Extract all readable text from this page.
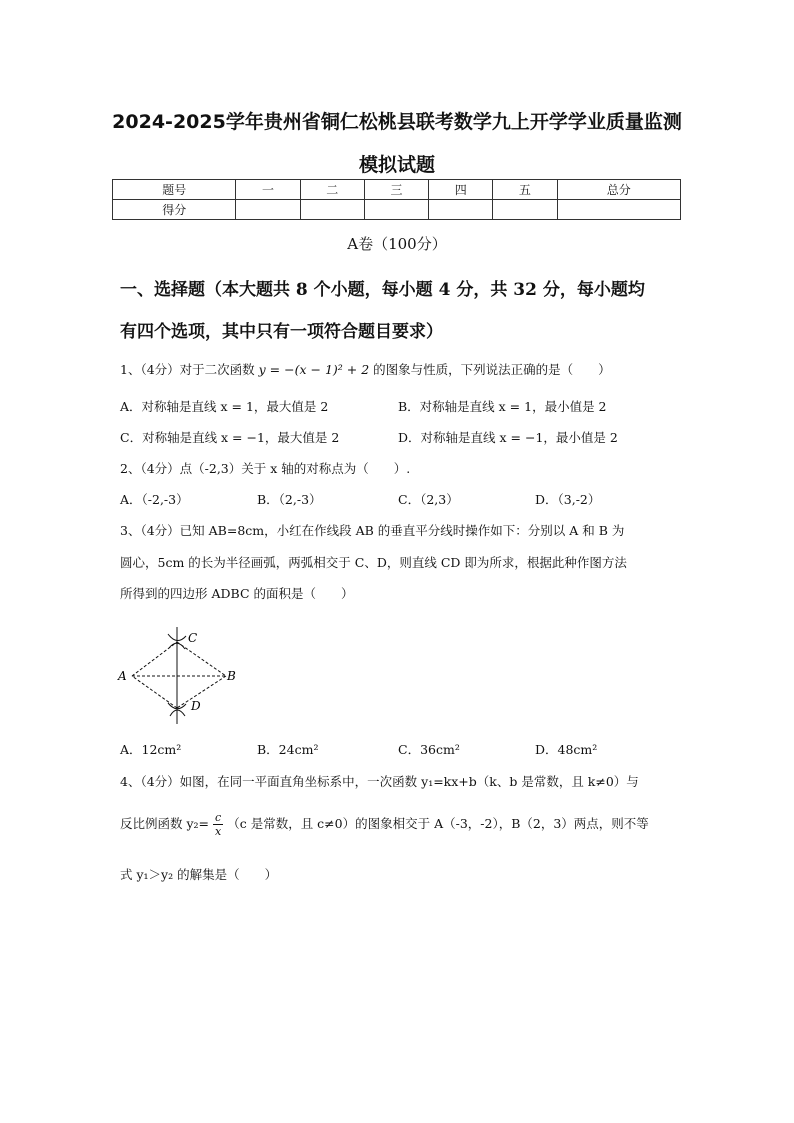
2024-2025学年贵州省铜仁松桃县联考数学九上开学学业质量监测
模拟试题
题号	一	二	三	四	五	总分
得分						
A卷（100分）
一、选择题（本大题共 8 个小题，每小题 4 分，共 32 分，每小题均
有四个选项，其中只有一项符合题目要求）
1、（4分）对于二次函数 y = −(x − 1)² + 2 的图象与性质，下列说法正确的是（　　）
A．对称轴是直线 x = 1，最大值是 2	B．对称轴是直线 x = 1，最小值是 2
C．对称轴是直线 x = −1，最大值是 2	D．对称轴是直线 x = −1，最小值是 2
2、（4分）点（-2,3）关于 x 轴的对称点为（　　）.
A．（-2,-3）	B．（2,-3）	C．（2,3）	D．（3,-2）
3、（4分）已知 AB=8cm，小红在作线段 AB 的垂直平分线时操作如下：分别以 A 和 B 为
圆心，5cm 的长为半径画弧，两弧相交于 C、D，则直线 CD 即为所求，根据此种作图方法
所得到的四边形 ADBC 的面积是（　　）
A	B
C
D
A．12cm²	B．24cm²	C．36cm²	D．48cm²
4、（4分）如图，在同一平面直角坐标系中，一次函数 y₁=kx+b（k、b 是常数，且 k≠0）与
反比例函数 $y_2= \frac{c}{x} (c$ 是常数，且 c≠0）的图象相交于 A（-3，-2），B（2，3）两点，则不等
式 y₁＞y₂ 的解集是（　　）
